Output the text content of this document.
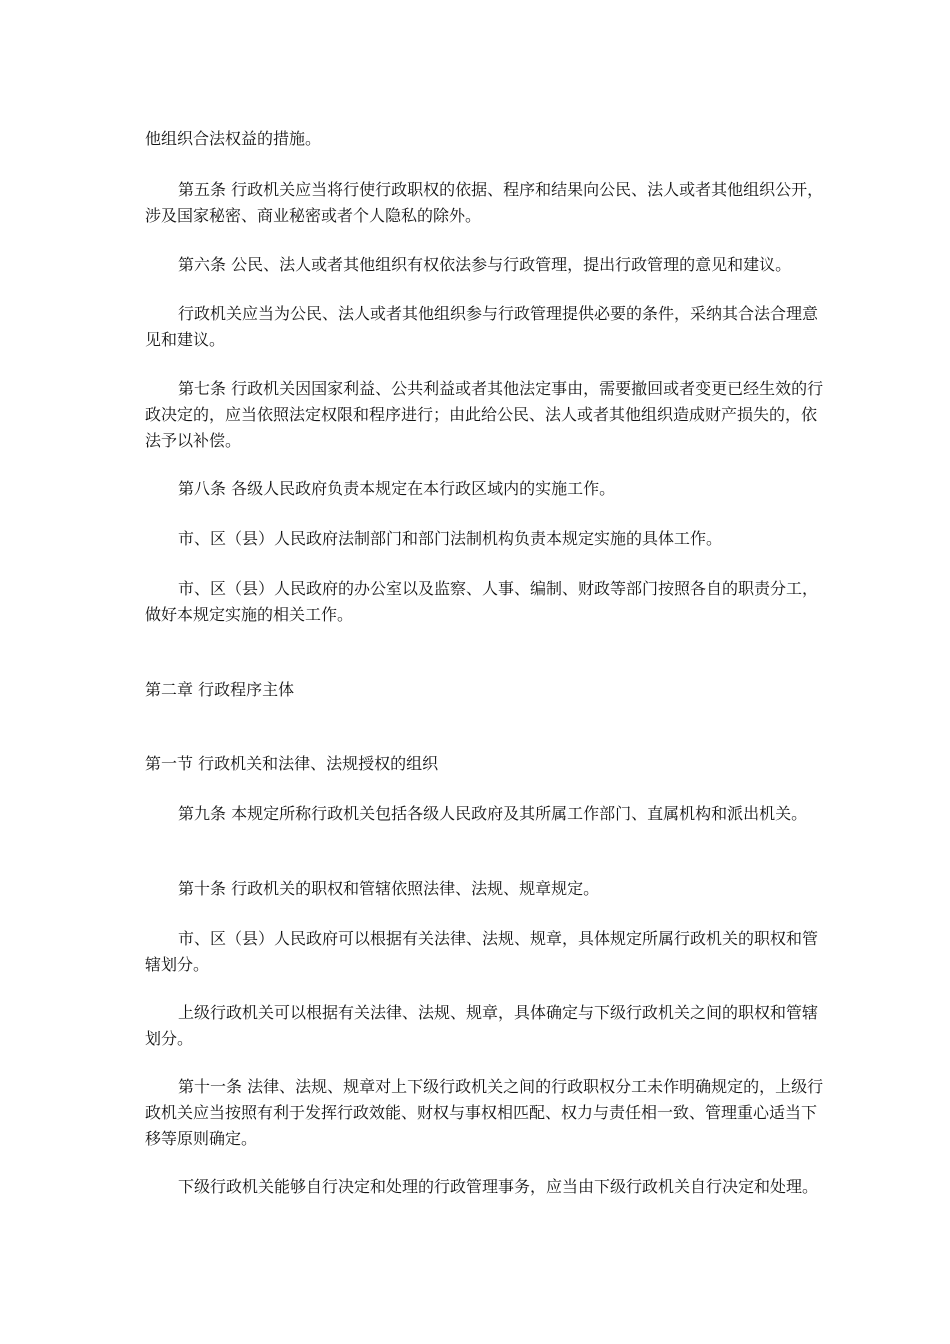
他组织合法权益的措施。

第五条 行政机关应当将行使行政职权的依据、程序和结果向公民、法人或者其他组织公开，涉及国家秘密、商业秘密或者个人隐私的除外。

第六条 公民、法人或者其他组织有权依法参与行政管理，提出行政管理的意见和建议。

行政机关应当为公民、法人或者其他组织参与行政管理提供必要的条件，采纳其合法合理意见和建议。

第七条 行政机关因国家利益、公共利益或者其他法定事由，需要撤回或者变更已经生效的行政决定的，应当依照法定权限和程序进行；由此给公民、法人或者其他组织造成财产损失的，依法予以补偿。

第八条 各级人民政府负责本规定在本行政区域内的实施工作。

市、区（县）人民政府法制部门和部门法制机构负责本规定实施的具体工作。

市、区（县）人民政府的办公室以及监察、人事、编制、财政等部门按照各自的职责分工，做好本规定实施的相关工作。

第二章 行政程序主体

第一节 行政机关和法律、法规授权的组织

第九条 本规定所称行政机关包括各级人民政府及其所属工作部门、直属机构和派出机关。

第十条 行政机关的职权和管辖依照法律、法规、规章规定。

市、区（县）人民政府可以根据有关法律、法规、规章，具体规定所属行政机关的职权和管辖划分。

上级行政机关可以根据有关法律、法规、规章，具体确定与下级行政机关之间的职权和管辖划分。

第十一条 法律、法规、规章对上下级行政机关之间的行政职权分工未作明确规定的，上级行政机关应当按照有利于发挥行政效能、财权与事权相匹配、权力与责任相一致、管理重心适当下移等原则确定。

下级行政机关能够自行决定和处理的行政管理事务，应当由下级行政机关自行决定和处理。
